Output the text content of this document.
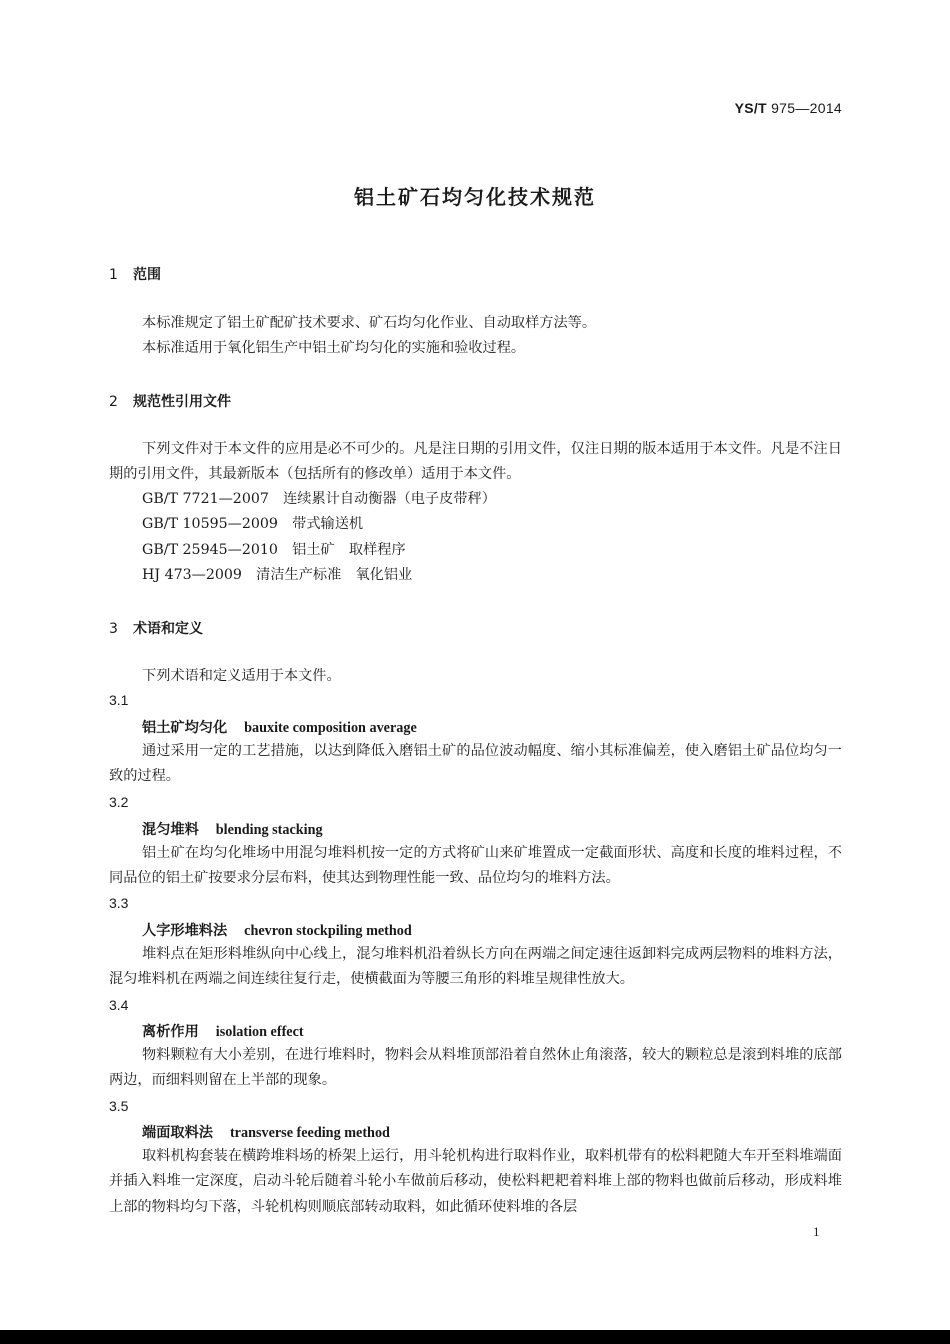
YS/T 975—2014
铝土矿石均匀化技术规范
1 范围

本标准规定了铝土矿配矿技术要求、矿石均匀化作业、自动取样方法等。

本标准适用于氧化铝生产中铝土矿均匀化的实施和验收过程。

2 规范性引用文件

下列文件对于本文件的应用是必不可少的。凡是注日期的引用文件，仅注日期的版本适用于本文件。凡是不注日期的引用文件，其最新版本（包括所有的修改单）适用于本文件。

GB/T 7721—2007　连续累计自动衡器（电子皮带秤）
GB/T 10595—2009　带式输送机
GB/T 25945—2010　铝土矿　取样程序
HJ 473—2009　清洁生产标准　氧化铝业
3 术语和定义
下列术语和定义适用于本文件。
3.1
铝土矿均匀化 bauxite composition average

通过采用一定的工艺措施，以达到降低入磨铝土矿的品位波动幅度、缩小其标准偏差，使入磨铝土矿品位均匀一致的过程。

3.2
混匀堆料 blending stacking

铝土矿在均匀化堆场中用混匀堆料机按一定的方式将矿山来矿堆置成一定截面形状、高度和长度的堆料过程，不同品位的铝土矿按要求分层布料，使其达到物理性能一致、品位均匀的堆料方法。

3.3
人字形堆料法 chevron stockpiling method

堆料点在矩形料堆纵向中心线上，混匀堆料机沿着纵长方向在两端之间定速往返卸料完成两层物料的堆料方法，混匀堆料机在两端之间连续往复行走，使横截面为等腰三角形的料堆呈规律性放大。

3.4
离析作用 isolation effect

物料颗粒有大小差别，在进行堆料时，物料会从料堆顶部沿着自然休止角滚落，较大的颗粒总是滚到料堆的底部两边，而细料则留在上半部的现象。

3.5
端面取料法 transverse feeding method

取料机构套装在横跨堆料场的桥架上运行，用斗轮机构进行取料作业，取料机带有的松料耙随大车开至料堆端面并插入料堆一定深度，启动斗轮后随着斗轮小车做前后移动，使松料耙耙着料堆上部的物料也做前后移动，形成料堆上部的物料均匀下落，斗轮机构则顺底部转动取料，如此循环使料堆的各层

1
